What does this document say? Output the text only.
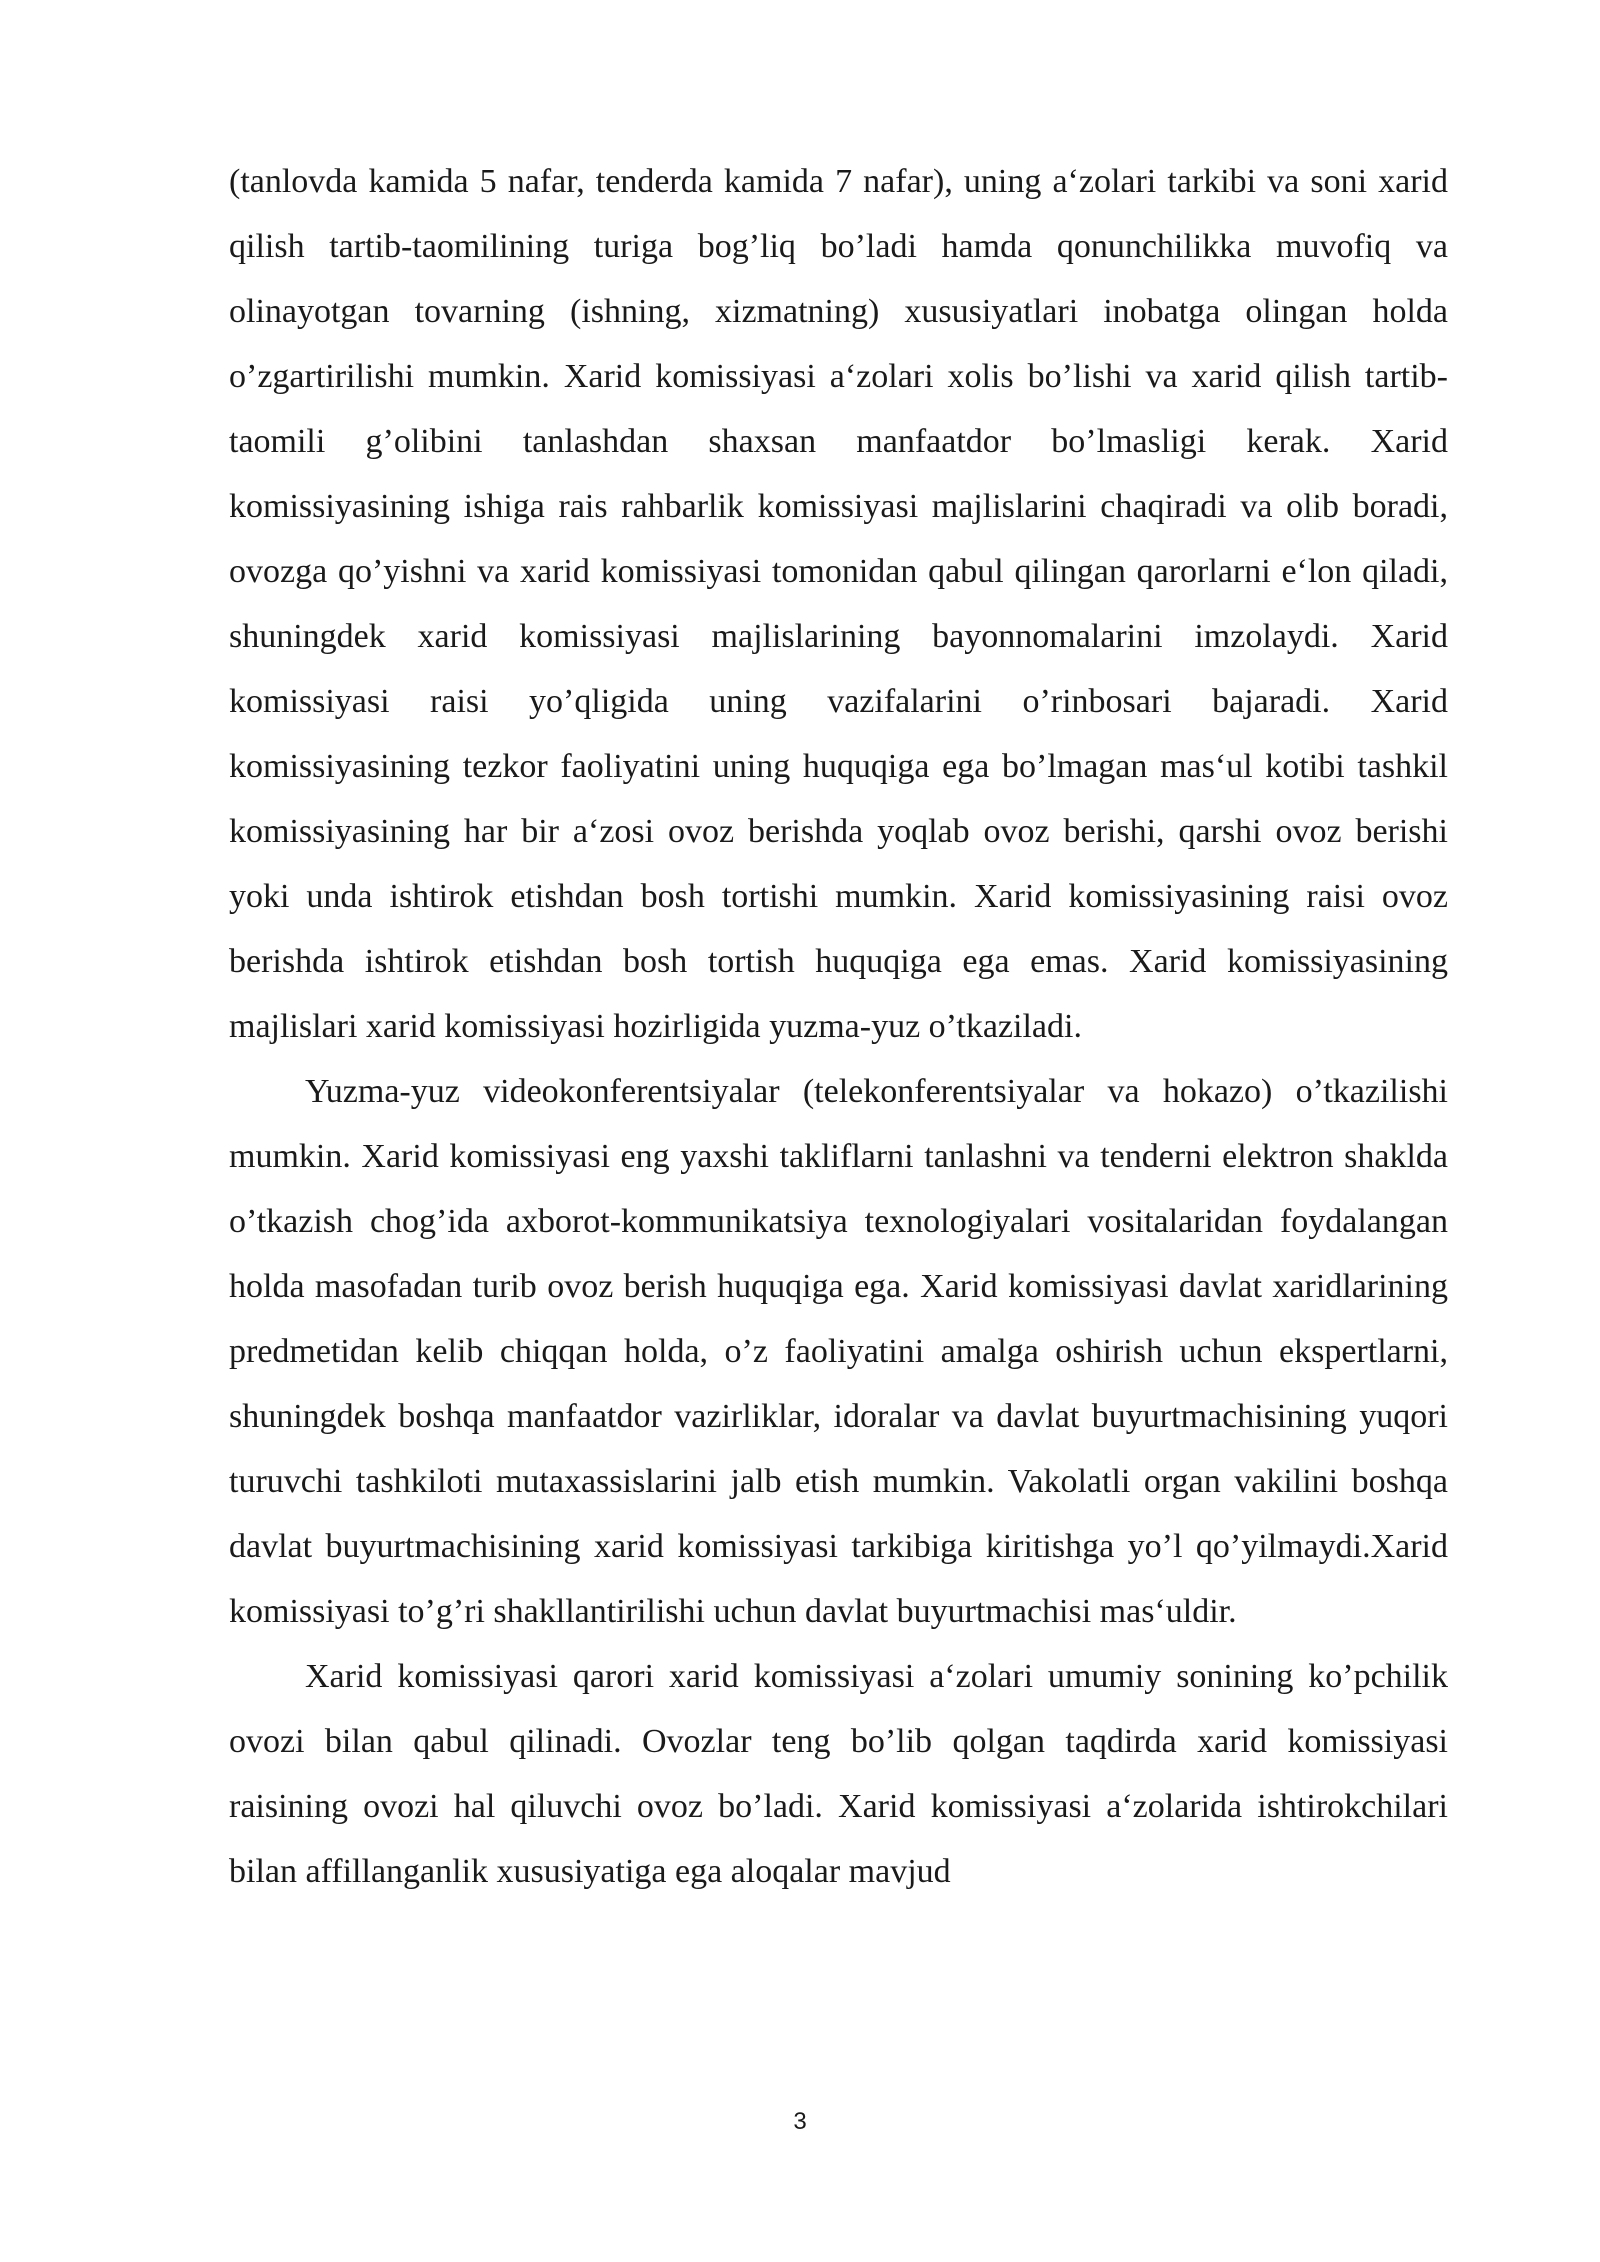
(tanlovda kamida 5 nafar, tenderda kamida 7 nafar), uning a‘zolari tarkibi va soni xarid qilish tartib-taomilining turiga bog’liq bo’ladi hamda qonunchilikka muvofiq va olinayotgan tovarning (ishning, xizmatning) xususiyatlari inobatga olingan holda o’zgartirilishi mumkin. Xarid komissiyasi a‘zolari xolis bo’lishi va xarid qilish tartib-taomili g’olibini tanlashdan shaxsan manfaatdor bo’lmasligi kerak. Xarid komissiyasining ishiga rais rahbarlik komissiyasi majlislarini chaqiradi va olib boradi, ovozga qo’yishni va xarid komissiyasi tomonidan qabul qilingan qarorlarni e‘lon qiladi, shuningdek xarid komissiyasi majlislarining bayonnomalarini imzolaydi. Xarid komissiyasi raisi yo’qligida uning vazifalarini o’rinbosari bajaradi. Xarid komissiyasining tezkor faoliyatini uning huquqiga ega bo’lmagan mas‘ul kotibi tashkil komissiyasining har bir a‘zosi ovoz berishda yoqlab ovoz berishi, qarshi ovoz berishi yoki unda ishtirok etishdan bosh tortishi mumkin. Xarid komissiyasining raisi ovoz berishda ishtirok etishdan bosh tortish huquqiga ega emas. Xarid komissiyasining majlislari xarid komissiyasi hozirligida yuzma-yuz o’tkaziladi.

Yuzma-yuz videokonferentsiyalar (telekonferentsiyalar va hokazo) o’tkazilishi mumkin. Xarid komissiyasi eng yaxshi takliflarni tanlashni va tenderni elektron shaklda o’tkazish chog’ida axborot-kommunikatsiya texnologiyalari vositalaridan foydalangan holda masofadan turib ovoz berish huquqiga ega. Xarid komissiyasi davlat xaridlarining predmetidan kelib chiqqan holda, o’z faoliyatini amalga oshirish uchun ekspertlarni, shuningdek boshqa manfaatdor vazirliklar, idoralar va davlat buyurtmachisining yuqori turuvchi tashkiloti mutaxassislarini jalb etish mumkin. Vakolatli organ vakilini boshqa davlat buyurtmachisining xarid komissiyasi tarkibiga kiritishga yo’l qo’yilmaydi.Xarid komissiyasi to’g’ri shakllantirilishi uchun davlat buyurtmachisi mas‘uldir.

Xarid komissiyasi qarori xarid komissiyasi a‘zolari umumiy sonining ko’pchilik ovozi bilan qabul qilinadi. Ovozlar teng bo’lib qolgan taqdirda xarid komissiyasi raisining ovozi hal qiluvchi ovoz bo’ladi. Xarid komissiyasi a‘zolarida ishtirokchilari bilan affillanganlik xususiyatiga ega aloqalar mavjud

3
